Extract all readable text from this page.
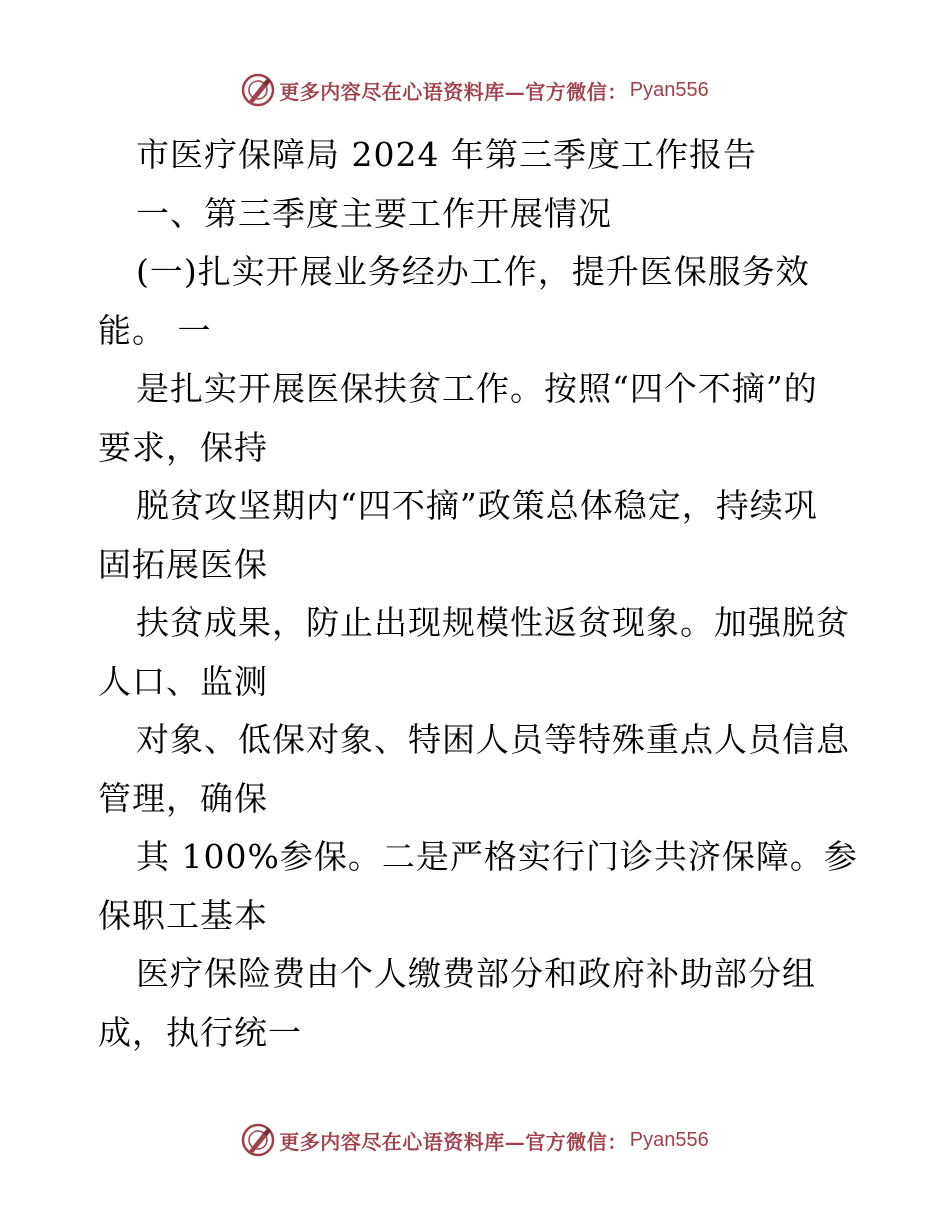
更多内容尽在心语资料库—官方微信： Pyan556
市医疗保障局 2024 年第三季度工作报告
一、第三季度主要工作开展情况
(一)扎实开展业务经办工作，提升医保服务效
能。 一
是扎实开展医保扶贫工作。按照“四个不摘”的
要求，保持
脱贫攻坚期内“四不摘”政策总体稳定，持续巩
固拓展医保
扶贫成果，防止出现规模性返贫现象。加强脱贫
人口、监测
对象、低保对象、特困人员等特殊重点人员信息
管理，确保
其 100%参保。二是严格实行门诊共济保障。参
保职工基本
医疗保险费由个人缴费部分和政府补助部分组
成，执行统一
更多内容尽在心语资料库—官方微信： Pyan556
